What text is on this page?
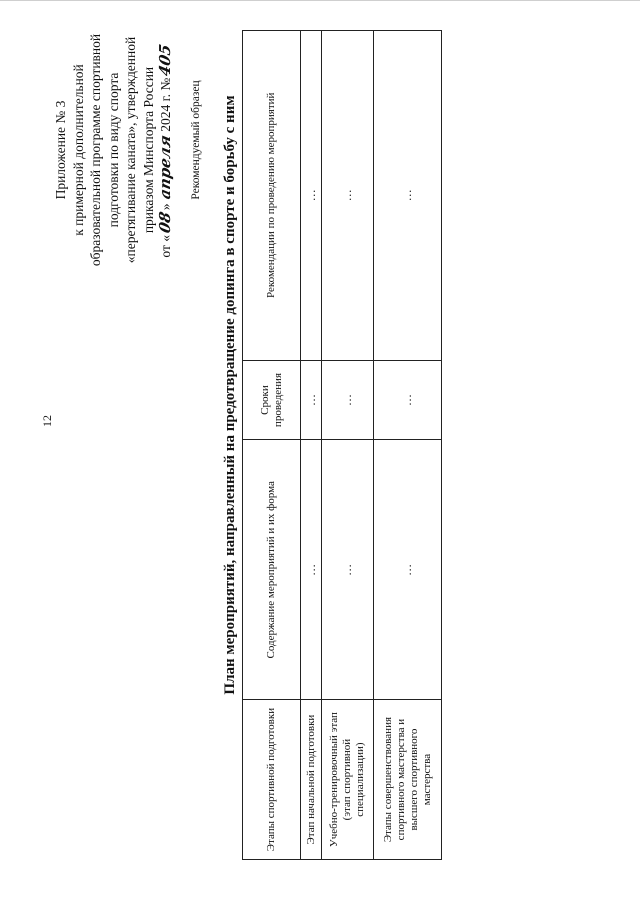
12
Приложение № 3 к примерной дополнительной образовательной программе спортивной подготовки по виду спорта «перетягивание каната», утвержденной приказом Минспорта России
от «08»апреля2024 г. №405
Рекомендуемый образец План мероприятий, направленный на предотвращение допинга в спорте и борьбу с ним
Этапы спортивной подготовки	Содержание мероприятий и их форма	Сроки проведения	Рекомендации по проведению мероприятий
Этап начальной подготовки	…	…	…
Учебно-тренировочный этап (этап спортивной специализации)	…	…	…
Этапы совершенствования спортивного мастерства и высшего спортивного мастерства	…	…	…
